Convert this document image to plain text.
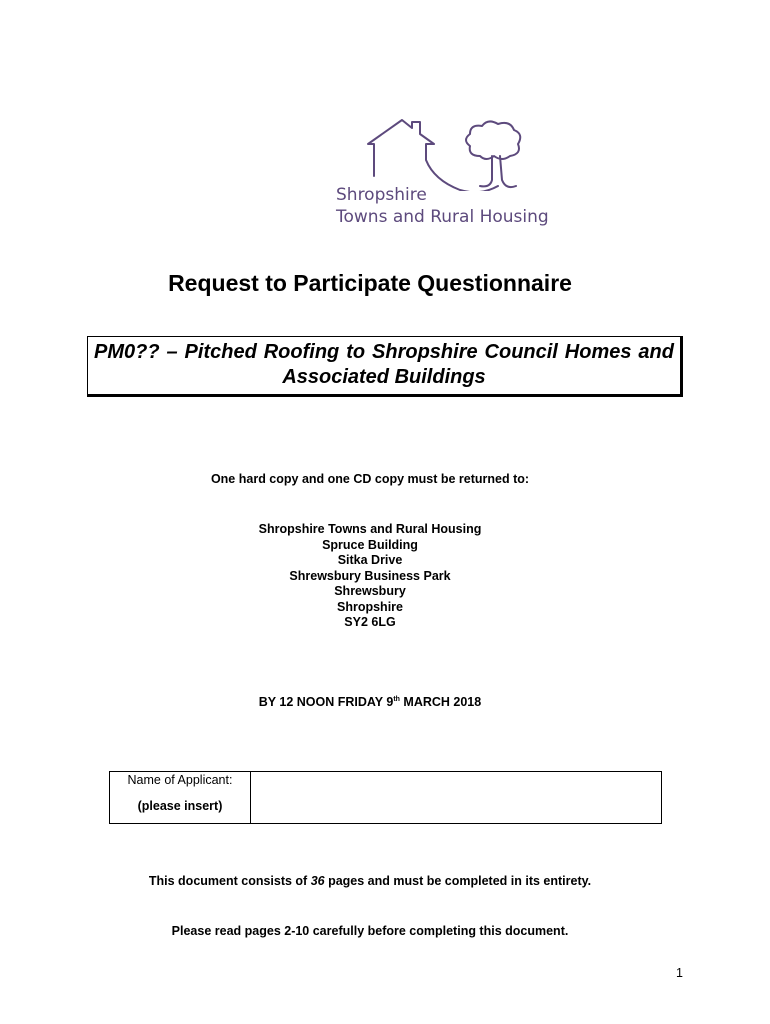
Shropshire
Towns and Rural Housing
Request to Participate Questionnaire
PM0?? – Pitched Roofing to Shropshire Council Homes and Associated Buildings
One hard copy and one CD copy must be returned to:
Shropshire Towns and Rural Housing
Spruce Building
Sitka Drive
Shrewsbury Business Park
Shrewsbury
Shropshire
SY2 6LG
BY 12 NOON FRIDAY 9th MARCH 2018
Name of Applicant:
(please insert)
This document consists of 36 pages and must be completed in its entirety.
Please read pages 2-10 carefully before completing this document.
1
